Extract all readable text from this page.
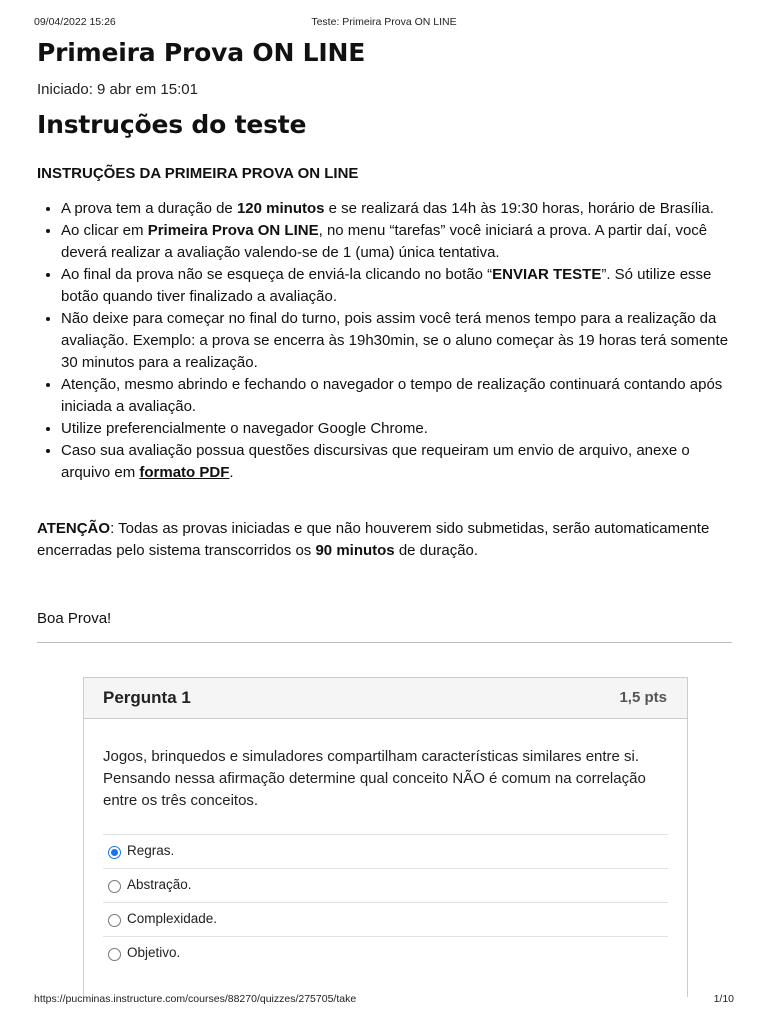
09/04/2022 15:26	Teste: Primeira Prova ON LINE
Primeira Prova ON LINE
Iniciado: 9 abr em 15:01
Instruções do teste
INSTRUÇÕES DA PRIMEIRA PROVA ON LINE
• A prova tem a duração de 120 minutos e se realizará das 14h às 19:30 horas, horário de Brasília.
• Ao clicar em Primeira Prova ON LINE, no menu “tarefas” você iniciará a prova. A partir daí, você deverá realizar a avaliação valendo-se de 1 (uma) única tentativa.
• Ao final da prova não se esqueça de enviá-la clicando no botão “ENVIAR TESTE”. Só utilize esse botão quando tiver finalizado a avaliação.
• Não deixe para começar no final do turno, pois assim você terá menos tempo para a realização da avaliação. Exemplo: a prova se encerra às 19h30min, se o aluno começar às 19 horas terá somente 30 minutos para a realização.
• Atenção, mesmo abrindo e fechando o navegador o tempo de realização continuará contando após iniciada a avaliação.
• Utilize preferencialmente o navegador Google Chrome.
• Caso sua avaliação possua questões discursivas que requeiram um envio de arquivo, anexe o arquivo em formato PDF.
ATENÇÃO: Todas as provas iniciadas e que não houverem sido submetidas, serão automaticamente encerradas pelo sistema transcorridos os 90 minutos de duração.
Boa Prova!
Pergunta 1	1,5 pts
Jogos, brinquedos e simuladores compartilham características similares entre si. Pensando nessa afirmação determine qual conceito NÃO é comum na correlação entre os três conceitos.
Regras.
Abstração.
Complexidade.
Objetivo.
https://pucminas.instructure.com/courses/88270/quizzes/275705/take	1/10
